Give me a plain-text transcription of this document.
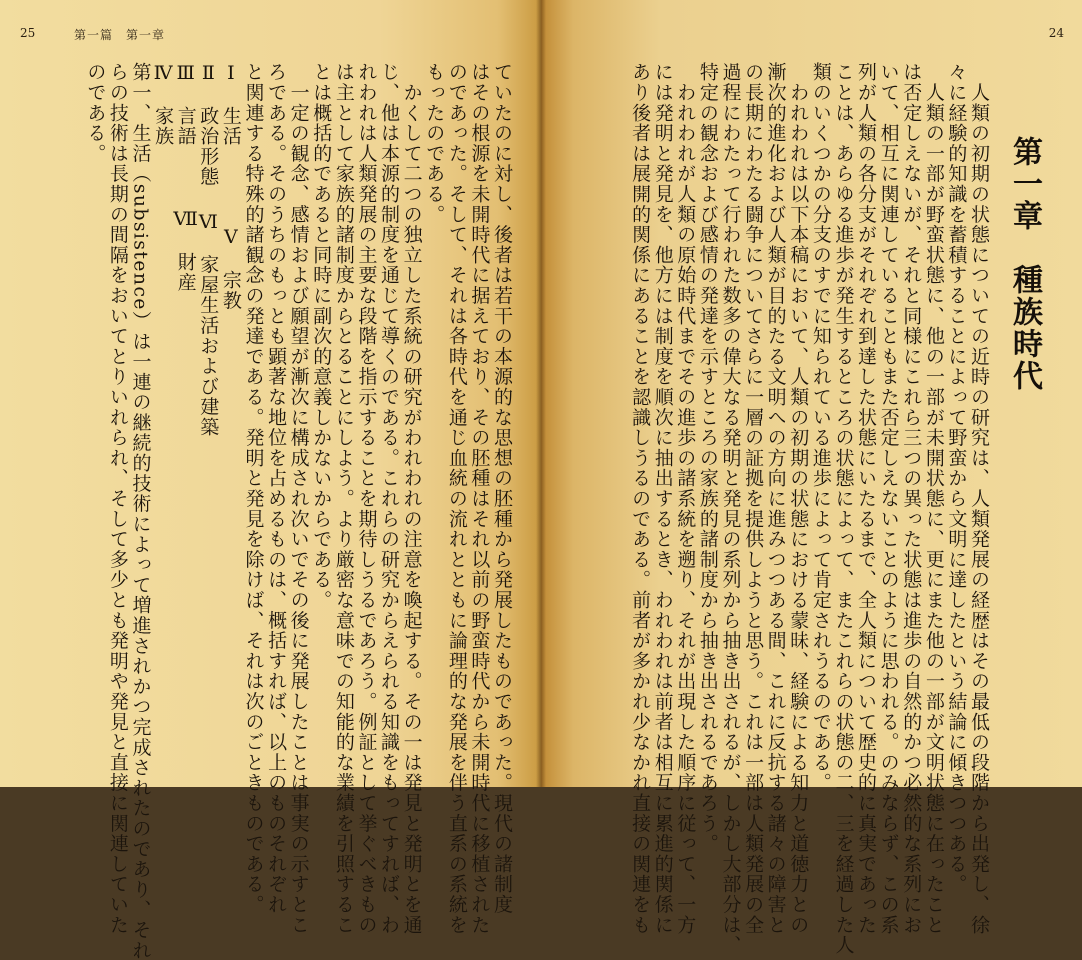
25	第一篇　第一章
ていたのに対し、後者は若干の本源的な思想の胚種から発展したものであった。現代の諸制度
はその根源を未開時代に据えており、その胚種はそれ以前の野蛮時代から未開時代に移植された
のであった。そして、それは各時代を通じ血統の流れとともに論理的な発展を伴う直系の系統を
もったのである。
　かくして二つの独立した系統の研究がわれわれの注意を喚起する。その一は発見と発明とを通
じ、他は本源的制度を通じて導くのである。これらの研究からえられる知識をもってすれば、わ
れわれは人類発展の主要な段階を指示することを期待しうるであろう。例証として挙ぐべきもの
は主として家族的諸制度からとることにしよう。より厳密な意味での知能的な業績を引照するこ
とは概括的であると同時に副次的意義しかないからである。
　一定の観念、感情および願望が漸次に構成され次いでその後に発展したことは事実の示すとこ
ろである。そのうちのもっとも顕著な地位を占めるものは、概括すれば、以上のものそれぞれ
と関連する特殊的諸観念の発達である。発明と発見を除けば、それは次のごときものである。
Ⅰ　生活Ⅴ　宗教
Ⅱ　政治形態Ⅵ　家屋生活および建築
Ⅲ　言語Ⅶ　財産
Ⅳ　家族
第一、生活（subsistence）は一連の継続的技術によって増進されかつ完成されたのであり、それ
らの技術は長期の間隔をおいてとりいれられ、そして多少とも発明や発見と直接に関連していた
のである。
24
第一章　種族時代
　人類の初期の状態についての近時の研究は、人類発展の経歴はその最低の段階から出発し、徐
々に経験的知識を蓄積することによって野蛮から文明に達したという結論に傾きつつある。
　人類の一部が野蛮状態に、他の一部が未開状態に、更にまた他の一部が文明状態に在ったこと
は否定しえないが、それと同様にこれら三つの異った状態は進歩の自然的かつ必然的な系列にお
いて、相互に関連していることもまた否定しえないことのように思われる。のみならず、この系
列が人類の各分支がそれぞれ到達した状態にいたるまで、全人類について歴史的に真実であった
ことは、あらゆる進歩が発生するところの状態によって、またこれらの状態の二、三を経過した人
類のいくつかの分支のすでに知られている進歩によって肯定されうるのである。
　われわれは以下本稿において、人類の初期の状態における蒙昧、経験による知力と道徳力との
漸次的進化および人類が目的たる文明への方向に進みつつある間、これに反抗する諸々の障害と
の長期にわたる闘争についてさらに一層の証拠を提供しようと思う。これは一部は人類発展の全
過程にわたって行われた数多の偉大なる発明と発見の系列から抽き出されるが、しかし大部分は、
特定の観念および感情の発達を示すところの家族的諸制度から抽き出されるであろう。
　われわれが人類の原始時代までその進歩の諸系統を遡り、それが出現した順序に従って、一方
には発明と発見を、他方には制度を順次に抽出するとき、われわれは前者は相互に累進的関係に
あり後者は展開的関係にあることを認識しうるのである。前者が多かれ少なかれ直接の関連をも
